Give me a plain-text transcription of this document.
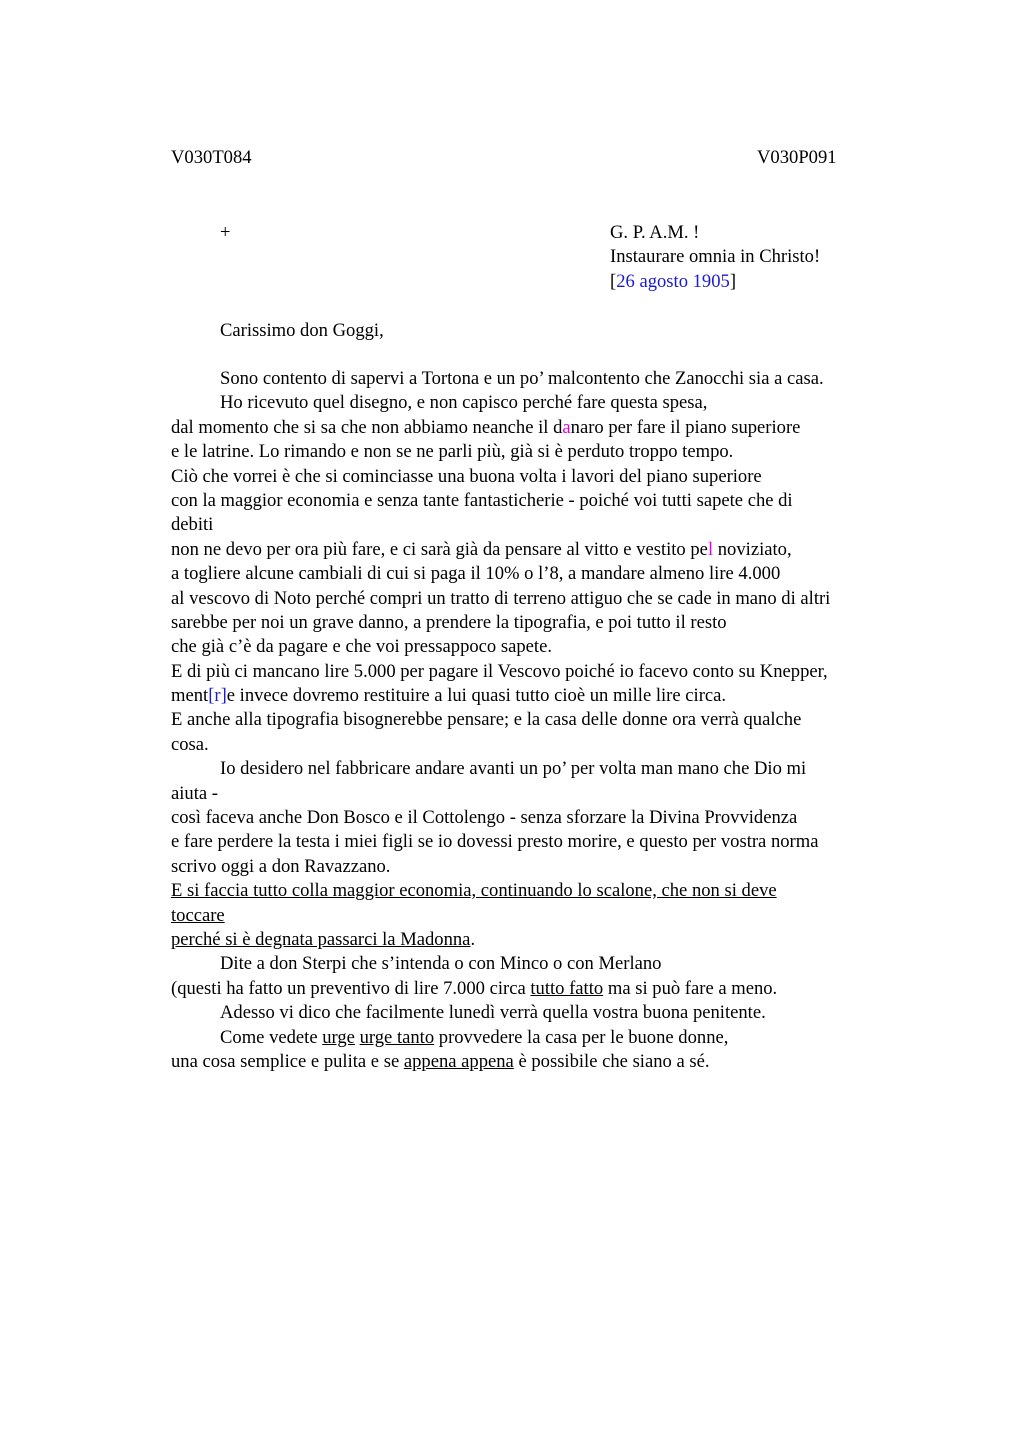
V030T084	V030P091
+	G. P. A.M. !
Instaurare omnia in Christo!
[26 agosto 1905]
Carissimo don Goggi,
Sono contento di sapervi a Tortona e un po’ malcontento che Zanocchi sia a casa.
Ho ricevuto quel disegno, e non capisco perché fare questa spesa,
dal momento che si sa che non abbiamo neanche il danaro per fare il piano superiore
e le latrine. Lo rimando e non se ne parli più, già si è perduto troppo tempo.
Ciò che vorrei è che si cominciasse una buona volta i lavori del piano superiore
con la maggior economia e senza tante fantasticherie - poiché voi tutti sapete che di
debiti
non ne devo per ora più fare, e ci sarà già da pensare al vitto e vestito pel noviziato,
a togliere alcune cambiali di cui si paga il 10% o l’8, a mandare almeno lire 4.000
al vescovo di Noto perché compri un tratto di terreno attiguo che se cade in mano di altri
sarebbe per noi un grave danno, a prendere la tipografia, e poi tutto il resto
che già c’è da pagare e che voi pressappoco sapete.
E di più ci mancano lire 5.000 per pagare il Vescovo poiché io facevo conto su Knepper,
ment[r]e invece dovremo restituire a lui quasi tutto cioè un mille lire circa.
E anche alla tipografia bisognerebbe pensare; e la casa delle donne ora verrà qualche
cosa.
Io desidero nel fabbricare andare avanti un po’ per volta man mano che Dio mi
aiuta -
così faceva anche Don Bosco e il Cottolengo - senza sforzare la Divina Provvidenza
e fare perdere la testa i miei figli se io dovessi presto morire, e questo per vostra norma
scrivo oggi a don Ravazzano.
E si faccia tutto colla maggior economia, continuando lo scalone, che non si deve
toccare
perché si è degnata passarci la Madonna.
Dite a don Sterpi che s’intenda o con Minco o con Merlano
(questi ha fatto un preventivo di lire 7.000 circa tutto fatto ma si può fare a meno.
Adesso vi dico che facilmente lunedì verrà quella vostra buona penitente.
Come vedete urge urge tanto provvedere la casa per le buone donne,
una cosa semplice e pulita e se appena appena è possibile che siano a sé.
